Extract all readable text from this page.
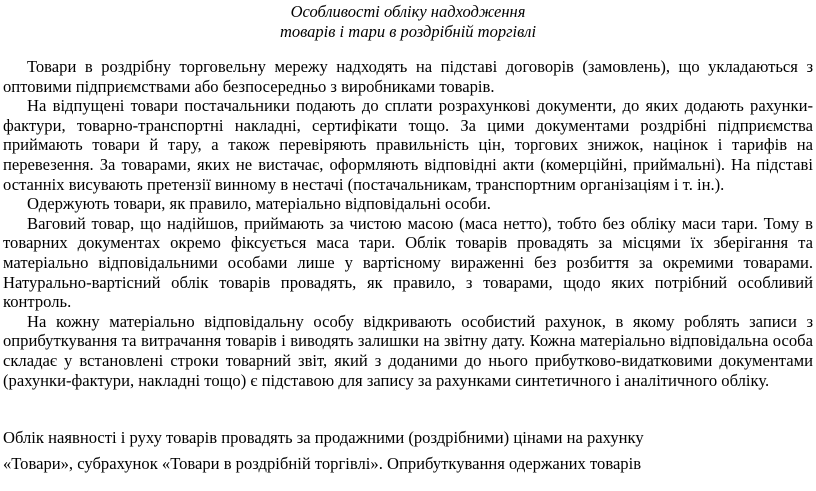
Особливості обліку надходження

товарів і тари в роздрібній торгівлі

Товари в роздрібну торговельну мережу надходять на підставі договорів (замовлень), що укладаються з оптовими підприємствами або безпосередньо з виробниками товарів.

На відпущені товари постачальники подають до сплати розрахункові документи, до яких додають рахунки-фактури, товарно-транспортні накладні, сертифікати тощо. За цими документами роздрібні підприємства приймають товари й тару, а також перевіряють правильність цін, торгових знижок, націнок і тарифів на перевезення. За товарами, яких не вистачає, оформляють відповідні акти (комерційні, приймальні). На підставі останніх висувають претензії винному в нестачі (постачальникам, транспортним організаціям і т. ін.).

Одержують товари, як правило, матеріально відповідальні особи.

Ваговий товар, що надійшов, приймають за чистою масою (маса нетто), тобто без обліку маси тари. Тому в товарних документах окремо фіксується маса тари. Облік товарів провадять за місцями їх зберігання та матеріально відповідальними особами лише у вартісному вираженні без розбиття за окремими товарами. Натурально-вартісний облік товарів провадять, як правило, з товарами, щодо яких потрібний особливий контроль.

На кожну матеріально відповідальну особу відкривають особистий рахунок, в якому роблять записи з оприбуткування та витрачання товарів і виводять залишки на звітну дату. Кожна матеріально відповідальна особа складає у встановлені строки товарний звіт, який з доданими до нього прибутково-видатковими документами (рахунки-фактури, накладні тощо) є підставою для запису за рахунками синтетичного і аналітичного обліку.

Облік наявності і руху товарів провадять за продажними (роздрібними) цінами на рахунку

«Товари», субрахунок «Товари в роздрібній торгівлі». Оприбуткування одержаних товарів
